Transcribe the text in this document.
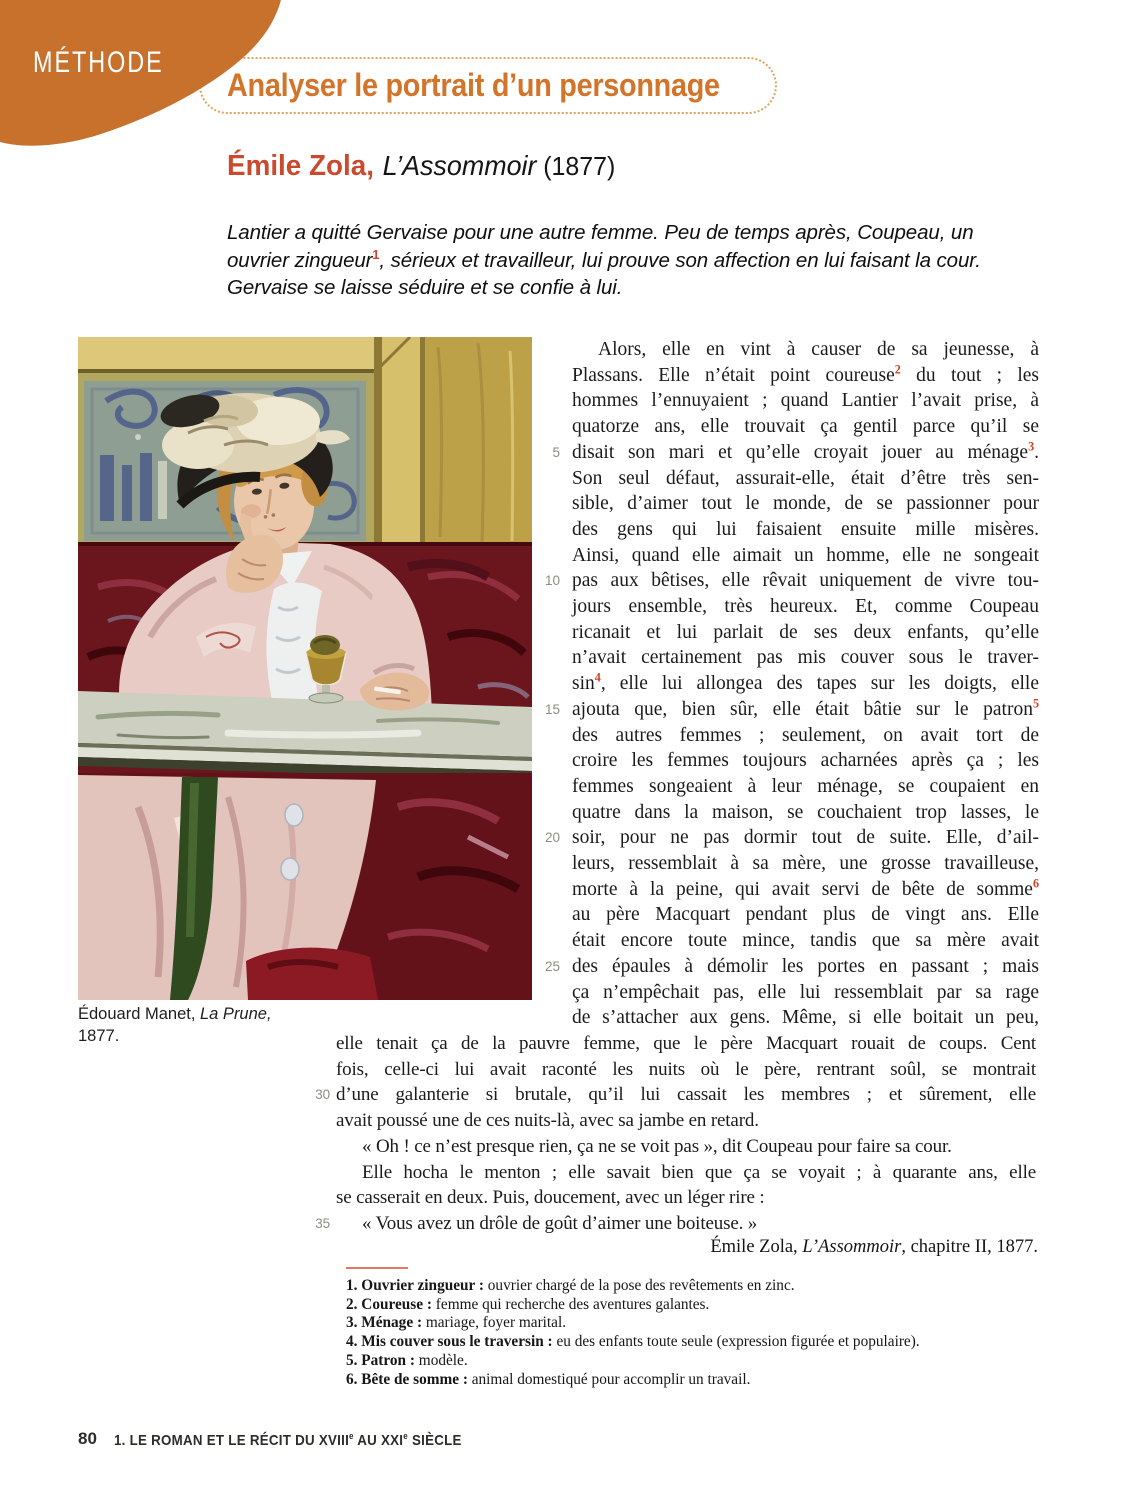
MÉTHODE
Analyser le portrait d’un personnage
Émile Zola, L’Assommoir (1877)
Lantier a quitté Gervaise pour une autre femme. Peu de temps après, Coupeau, un ouvrier zingueur$^1$, sérieux et travailleur, lui prouve son affection en lui faisant la cour. Gervaise se laisse séduire et se confie à lui.
Édouard Manet, La Prune,
1877.
Alors, elle en vint à causer de sa jeunesse, à
Plassans. Elle n’était point coureuse$^2$ du tout ; les
hommes l’ennuyaient ; quand Lantier l’avait prise, à
quatorze ans, elle trouvait ça gentil parce qu’il se
5 disait son mari et qu’elle croyait jouer au ménage$^3$.
Son seul défaut, assurait-elle, était d’être très sen-
sible, d’aimer tout le monde, de se passionner pour
des gens qui lui faisaient ensuite mille misères.
Ainsi, quand elle aimait un homme, elle ne songeait
10 pas aux bêtises, elle rêvait uniquement de vivre tou-
jours ensemble, très heureux. Et, comme Coupeau
ricanait et lui parlait de ses deux enfants, qu’elle
n’avait certainement pas mis couver sous le traver-
sin$^4$, elle lui allongea des tapes sur les doigts, elle
15 ajouta que, bien sûr, elle était bâtie sur le patron$^5$
des autres femmes ; seulement, on avait tort de
croire les femmes toujours acharnées après ça ; les
femmes songeaient à leur ménage, se coupaient en
quatre dans la maison, se couchaient trop lasses, le
20 soir, pour ne pas dormir tout de suite. Elle, d’ail-
leurs, ressemblait à sa mère, une grosse travailleuse,
morte à la peine, qui avait servi de bête de somme$^6$
au père Macquart pendant plus de vingt ans. Elle
était encore toute mince, tandis que sa mère avait
25 des épaules à démolir les portes en passant ; mais
ça n’empêchait pas, elle lui ressemblait par sa rage
de s’attacher aux gens. Même, si elle boitait un peu,
elle tenait ça de la pauvre femme, que le père Macquart rouait de coups. Cent
fois, celle-ci lui avait raconté les nuits où le père, rentrant soûl, se montrait
30 d’une galanterie si brutale, qu’il lui cassait les membres ; et sûrement, elle
avait poussé une de ces nuits-là, avec sa jambe en retard.
« Oh ! ce n’est presque rien, ça ne se voit pas », dit Coupeau pour faire sa cour.
Elle hocha le menton ; elle savait bien que ça se voyait ; à quarante ans, elle
se casserait en deux. Puis, doucement, avec un léger rire :
35	« Vous avez un drôle de goût d’aimer une boiteuse. »
Émile Zola, L’Assommoir, chapitre II, 1877.
1. Ouvrier zingueur : ouvrier chargé de la pose des revêtements en zinc.
2. Coureuse : femme qui recherche des aventures galantes.
3. Ménage : mariage, foyer marital.
4. Mis couver sous le traversin : eu des enfants toute seule (expression figurée et populaire).
5. Patron : modèle.
6. Bête de somme : animal domestiqué pour accomplir un travail.
80 1. LE ROMAN ET LE RÉCIT DU XVIIIe AU XXIe SIÈCLE
